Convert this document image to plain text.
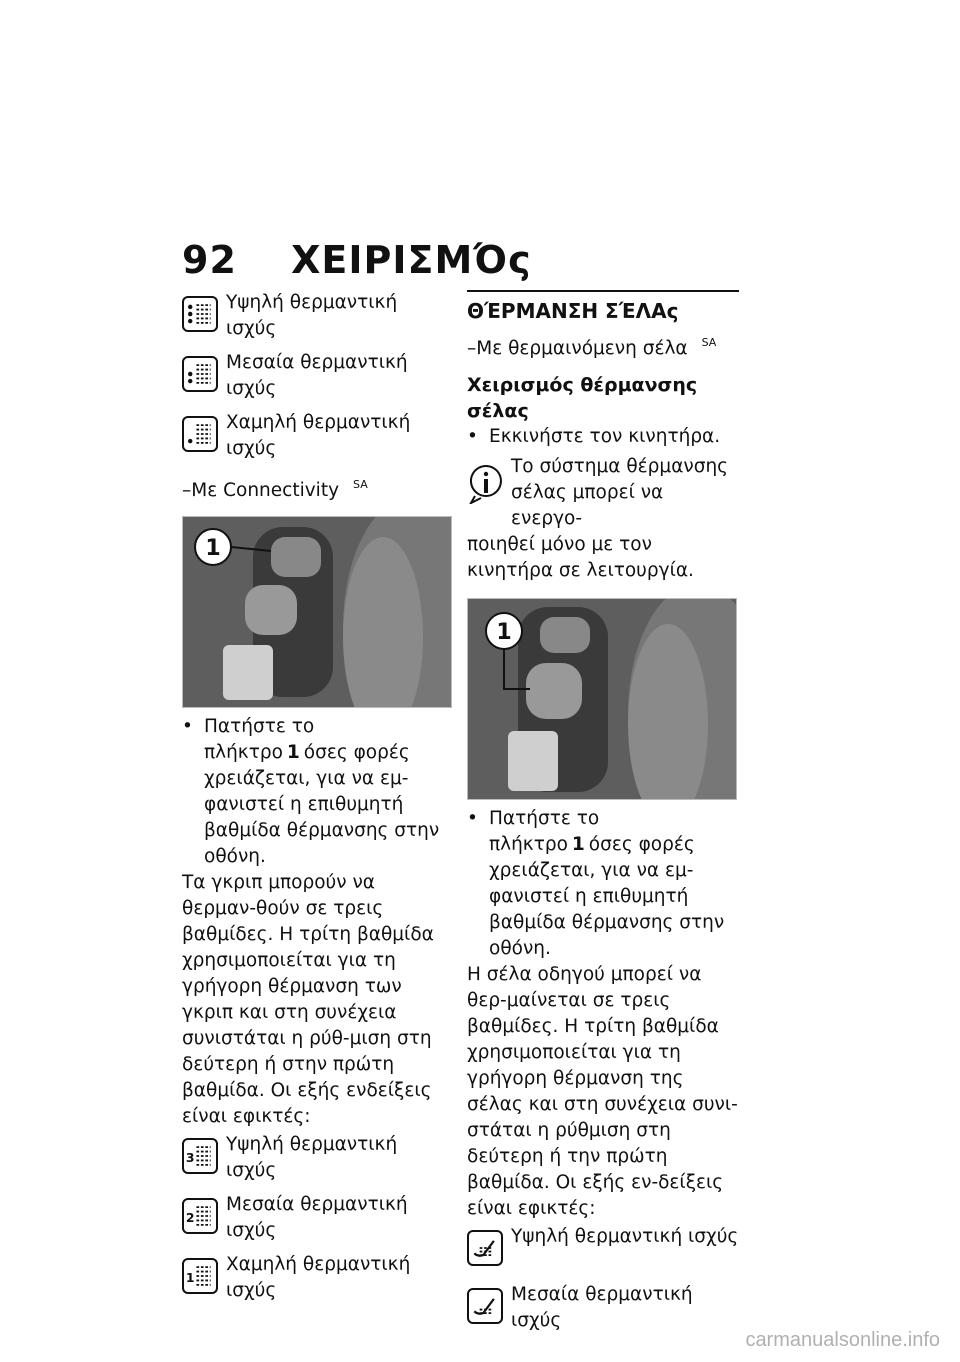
92 ΧΕΙΡΙΣΜΌς
Υψηλή θερμαντική ισχύς
Μεσαία θερμαντική ισχύς
Χαμηλή θερμαντική ισχύς
–Με Connectivity $^{SA}$
1
• Πατήστε το πλήκτρο 1 όσες φορές χρειάζεται, για να εμ-φανιστεί η επιθυμητή βαθμίδα θέρμανσης στην οθόνη.

Τα γκριπ μπορούν να θερμαν-θούν σε τρεις βαθμίδες. Η τρίτη βαθμίδα χρησιμοποιείται για τη γρήγορη θέρμανση των γκριπ και στη συνέχεια συνιστάται η ρύθ-μιση στη δεύτερη ή στην πρώτη βαθμίδα. Οι εξής ενδείξεις είναι εφικτές:

3
Υψηλή θερμαντική ισχύς
2
Μεσαία θερμαντική ισχύς
1
Χαμηλή θερμαντική ισχύς
ΘΈΡΜΑΝΣΗ ΣΈΛΑς
–Με θερμαινόμενη σέλα $^{SA}$
Χειρισμός θέρμανσης σέλας
• Εκκινήστε τον κινητήρα.
Το σύστημα θέρμανσης σέλας μπορεί να ενεργο-

ποιηθεί μόνο με τον κινητήρα σε λειτουργία.

1
• Πατήστε το πλήκτρο 1 όσες φορές χρειάζεται, για να εμ-φανιστεί η επιθυμητή βαθμίδα θέρμανσης στην οθόνη.

Η σέλα οδηγού μπορεί να θερ-μαίνεται σε τρεις βαθμίδες. Η τρίτη βαθμίδα χρησιμοποιείται για τη γρήγορη θέρμανση της σέλας και στη συνέχεια συνι-στάται η ρύθμιση στη δεύτερη ή την πρώτη βαθμίδα. Οι εξής εν-δείξεις είναι εφικτές:

Υψηλή θερμαντική ισχύς
Μεσαία θερμαντική ισχύς
carmanualsonline.info
